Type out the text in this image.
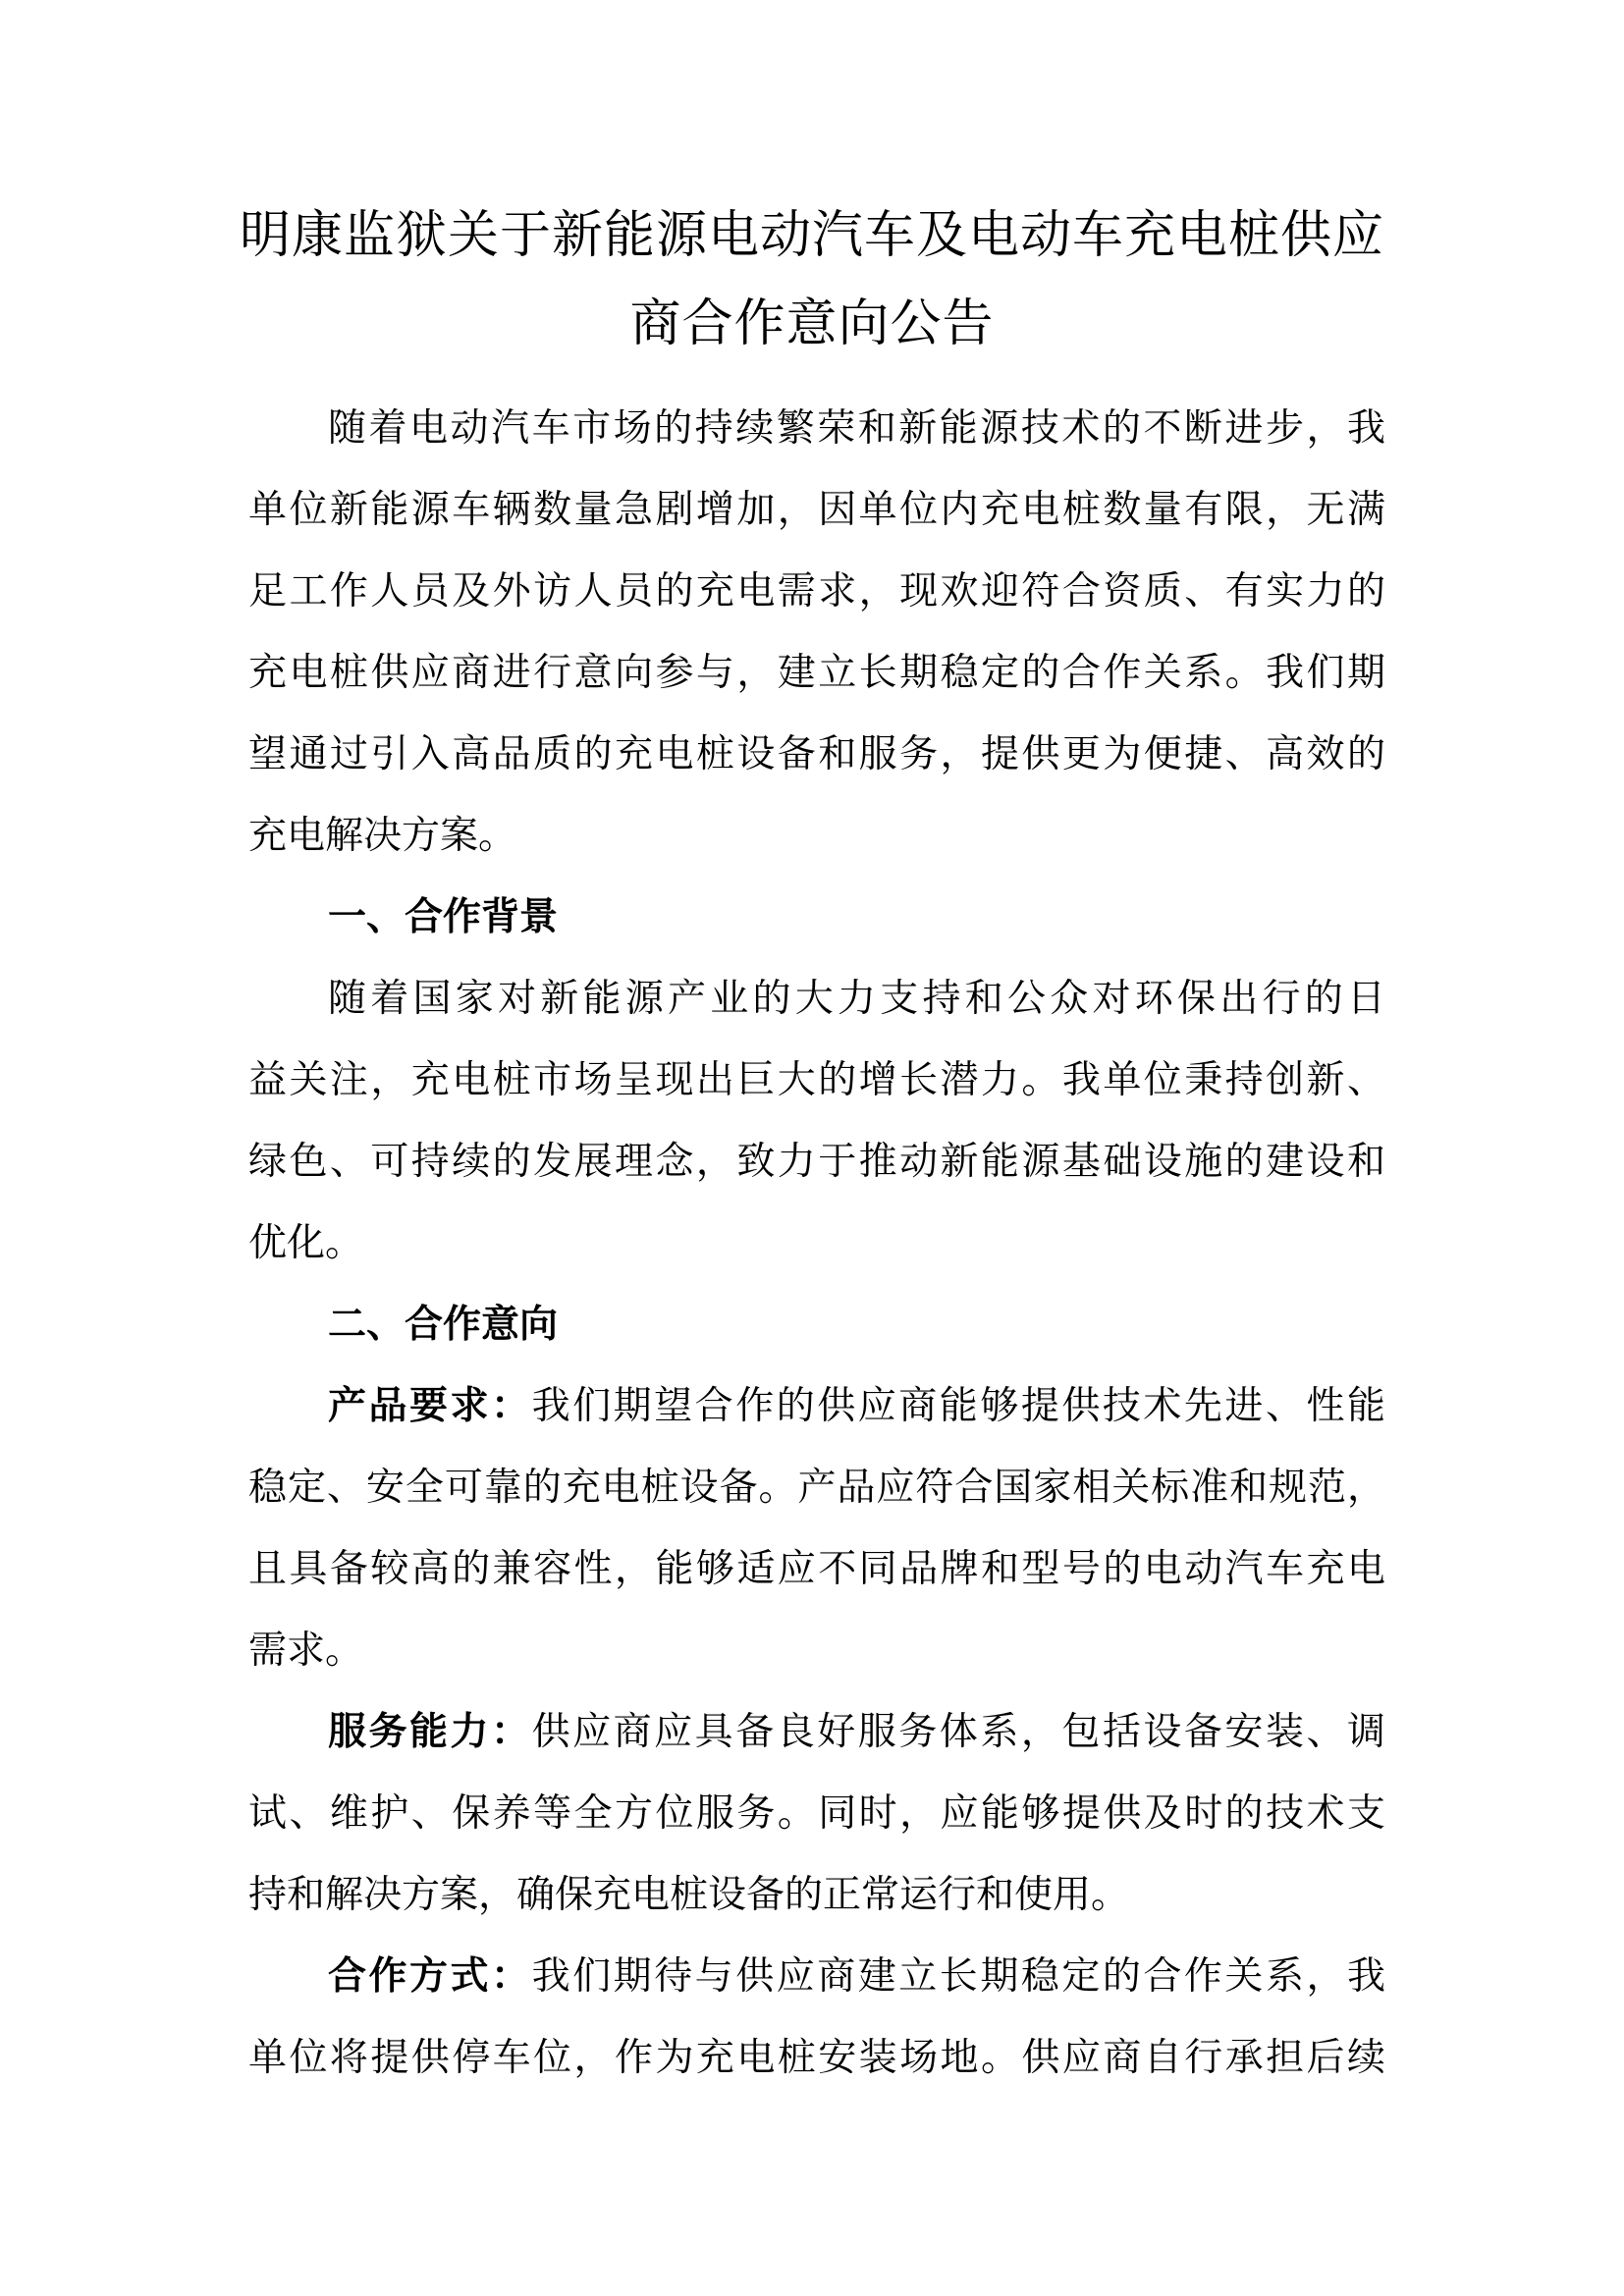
明康监狱关于新能源电动汽车及电动车充电桩供应
商合作意向公告
随着电动汽车市场的持续繁荣和新能源技术的不断进步，我
单位新能源车辆数量急剧增加，因单位内充电桩数量有限，无满
足工作人员及外访人员的充电需求，现欢迎符合资质、有实力的
充电桩供应商进行意向参与，建立长期稳定的合作关系。我们期
望通过引入高品质的充电桩设备和服务，提供更为便捷、高效的
充电解决方案。
一、合作背景
随着国家对新能源产业的大力支持和公众对环保出行的日
益关注，充电桩市场呈现出巨大的增长潜力。我单位秉持创新、
绿色、可持续的发展理念，致力于推动新能源基础设施的建设和
优化。
二、合作意向
产品要求：我们期望合作的供应商能够提供技术先进、性能
稳定、安全可靠的充电桩设备。产品应符合国家相关标准和规范，
且具备较高的兼容性，能够适应不同品牌和型号的电动汽车充电
需求。
服务能力：供应商应具备良好服务体系，包括设备安装、调
试、维护、保养等全方位服务。同时，应能够提供及时的技术支
持和解决方案，确保充电桩设备的正常运行和使用。
合作方式：我们期待与供应商建立长期稳定的合作关系，我
单位将提供停车位，作为充电桩安装场地。供应商自行承担后续
